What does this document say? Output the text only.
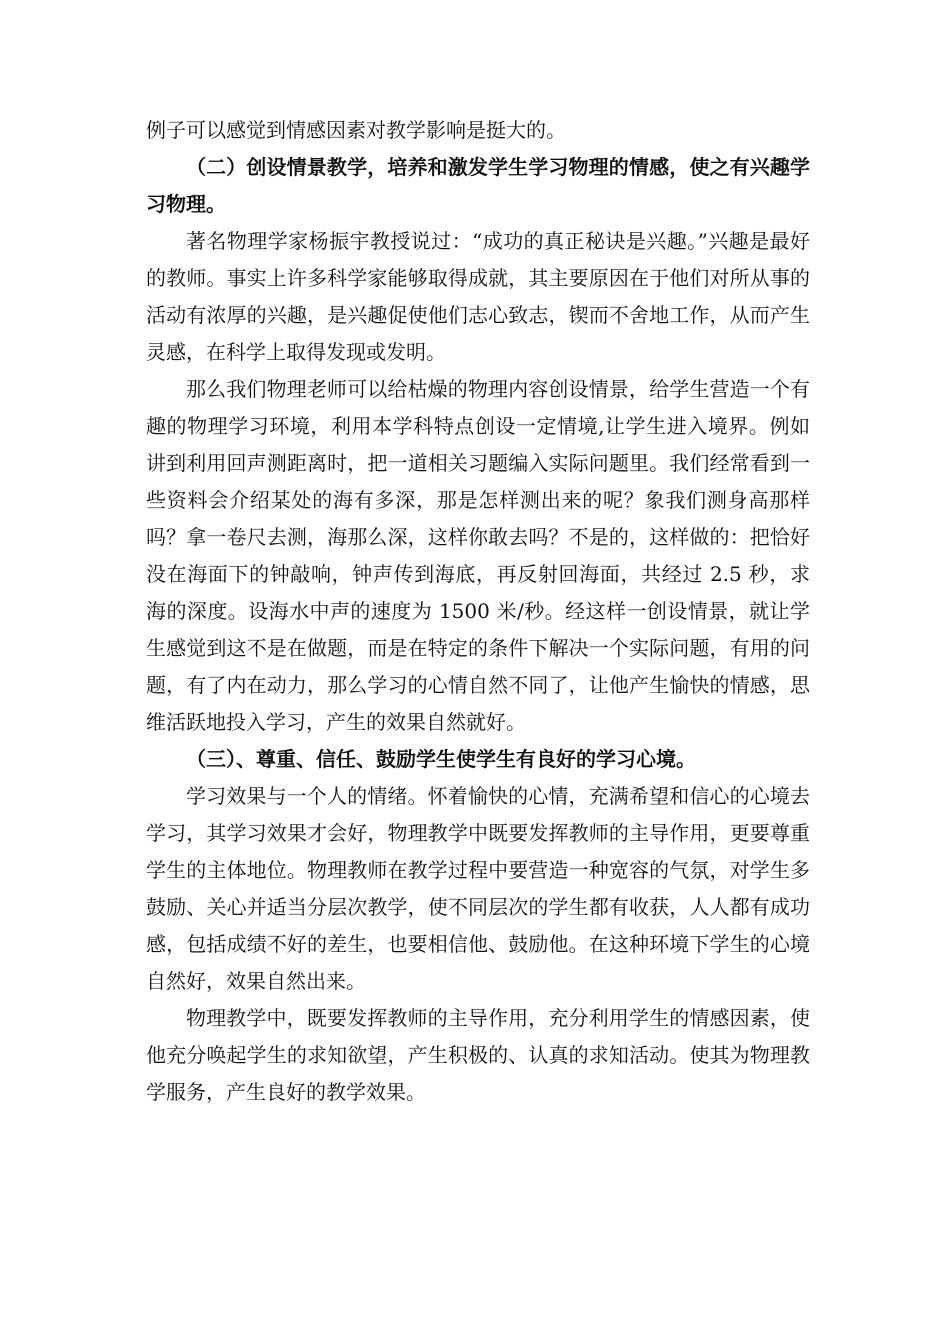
例子可以感觉到情感因素对教学影响是挺大的。

（二）创设情景教学，培养和激发学生学习物理的情感，使之有兴趣学习物理。

著名物理学家杨振宇教授说过：“成功的真正秘诀是兴趣。”兴趣是最好的教师。事实上许多科学家能够取得成就，其主要原因在于他们对所从事的活动有浓厚的兴趣，是兴趣促使他们志心致志，锲而不舍地工作，从而产生灵感，在科学上取得发现或发明。

那么我们物理老师可以给枯燥的物理内容创设情景，给学生营造一个有趣的物理学习环境，利用本学科特点创设一定情境,让学生进入境界。例如讲到利用回声测距离时，把一道相关习题编入实际问题里。我们经常看到一些资料会介绍某处的海有多深，那是怎样测出来的呢？象我们测身高那样吗？拿一卷尺去测，海那么深，这样你敢去吗？不是的，这样做的：把恰好没在海面下的钟敲响，钟声传到海底，再反射回海面，共经过 2.5 秒，求海的深度。设海水中声的速度为 1500 米/秒。经这样一创设情景，就让学生感觉到这不是在做题，而是在特定的条件下解决一个实际问题，有用的问题，有了内在动力，那么学习的心情自然不同了，让他产生愉快的情感，思维活跃地投入学习，产生的效果自然就好。

（三）、尊重、信任、鼓励学生使学生有良好的学习心境。

学习效果与一个人的情绪。怀着愉快的心情，充满希望和信心的心境去学习，其学习效果才会好，物理教学中既要发挥教师的主导作用，更要尊重学生的主体地位。物理教师在教学过程中要营造一种宽容的气氛，对学生多鼓励、关心并适当分层次教学，使不同层次的学生都有收获，人人都有成功感，包括成绩不好的差生，也要相信他、鼓励他。在这种环境下学生的心境自然好，效果自然出来。

物理教学中，既要发挥教师的主导作用，充分利用学生的情感因素，使他充分唤起学生的求知欲望，产生积极的、认真的求知活动。使其为物理教学服务，产生良好的教学效果。
